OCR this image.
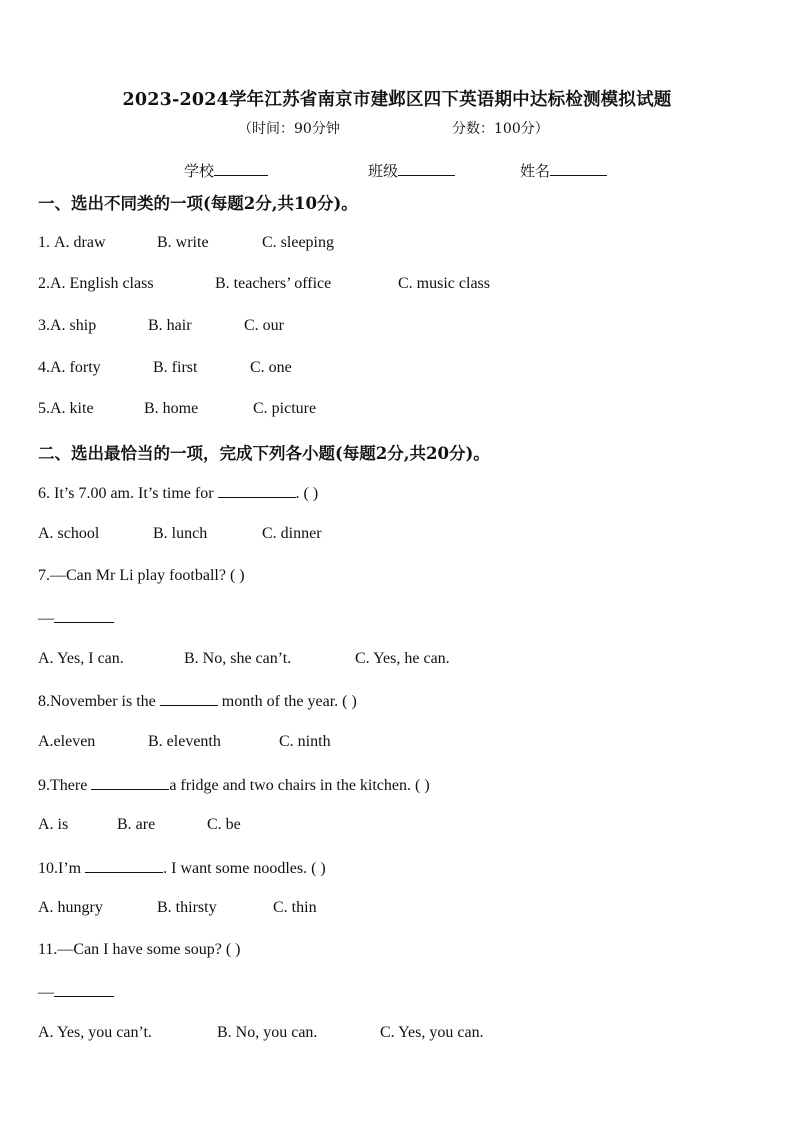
2023-2024学年江苏省南京市建邺区四下英语期中达标检测模拟试题
（时间：90分钟	分数：100分）
学校	班级	姓名
一、选出不同类的一项(每题2分,共10分)。
1. A. draw	B. write	C. sleeping
2.A. English class	B. teachers’ office	C. music class
3.A. ship	B. hair	C. our
4.A. forty	B. first	C. one
5.A. kite	B. home	C. picture
二、选出最恰当的一项，完成下列各小题(每题2分,共20分)。
6. It’s 7.00 am. It’s time for	. ( )
A. school	B. lunch	C. dinner
7.—Can Mr Li play football? ( )
—
A. Yes, I can.	B. No, she can’t.	C. Yes, he can.
8.November is the	month of the year. ( )
A.eleven	B. eleventh	C. ninth
9.There	a fridge and two chairs in the kitchen. ( )
A. is	B. are	C. be
10.I’m	. I want some noodles. ( )
A. hungry	B. thirsty	C. thin
11.—Can I have some soup? ( )
—
A. Yes, you can’t.	B. No, you can.	C. Yes, you can.
